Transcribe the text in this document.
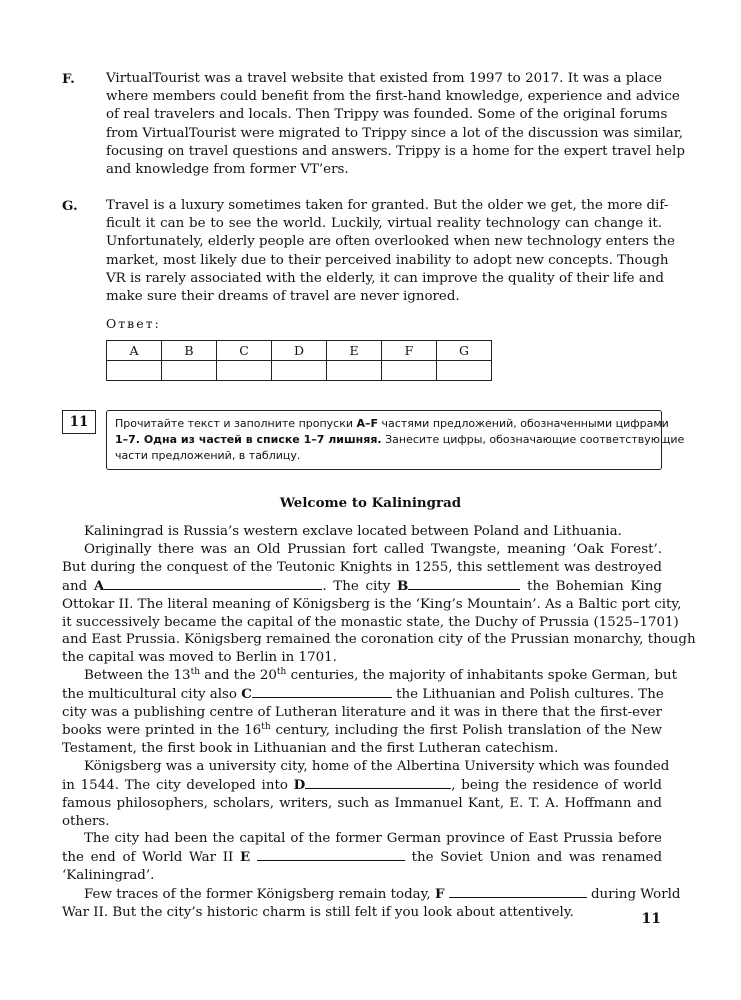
F. VirtualTourist was a travel website that existed from 1997 to 2017. It was a place
where members could benefit from the first-hand knowledge, experience and advice
of real travelers and locals. Then Trippy was founded. Some of the original forums
from VirtualTourist were migrated to Trippy since a lot of the discussion was similar,
focusing on travel questions and answers. Trippy is a home for the expert travel help
and knowledge from former VT’ers.
G. Travel is a luxury sometimes taken for granted. But the older we get, the more dif-
ficult it can be to see the world. Luckily, virtual reality technology can change it.
Unfortunately, elderly people are often overlooked when new technology enters the
market, most likely due to their perceived inability to adopt new concepts. Though
VR is rarely associated with the elderly, it can improve the quality of their life and
make sure their dreams of travel are never ignored.
Ответ:
A	B	C	D	E	F	G

11	Прочитайте текст и заполните пропуски A–F частями предложений, обозначенными цифрами
1–7. Одна из частей в списке 1–7 лишняя. Занесите цифры, обозначающие соответствующие
части предложений, в таблицу.
Welcome to Kaliningrad
Kaliningrad is Russia’s western exclave located between Poland and Lithuania.
Originally there was an Old Prussian fort called Twangste, meaning ‘Oak Forest’.
But during the conquest of the Teutonic Knights in 1255, this settlement was destroyed
and A	. The city B	the Bohemian King
Ottokar II. The literal meaning of Königsberg is the ‘King’s Mountain’. As a Baltic port city,
it successively became the capital of the monastic state, the Duchy of Prussia (1525–1701)
and East Prussia. Königsberg remained the coronation city of the Prussian monarchy, though
the capital was moved to Berlin in 1701.
Between the 13th and the 20th centuries, the majority of inhabitants spoke German, but
the multicultural city also C	the Lithuanian and Polish cultures. The
city was a publishing centre of Lutheran literature and it was in there that the first-ever
books were printed in the 16th century, including the first Polish translation of the New
Testament, the first book in Lithuanian and the first Lutheran catechism.
Königsberg was a university city, home of the Albertina University which was founded
in 1544. The city developed into D	, being the residence of world
famous philosophers, scholars, writers, such as Immanuel Kant, E. T. A. Hoffmann and
others.
The city had been the capital of the former German province of East Prussia before
the end of World War II E	the Soviet Union and was renamed
‘Kaliningrad’.
Few traces of the former Königsberg remain today, F	during World
War II. But the city’s historic charm is still felt if you look about attentively.	11
